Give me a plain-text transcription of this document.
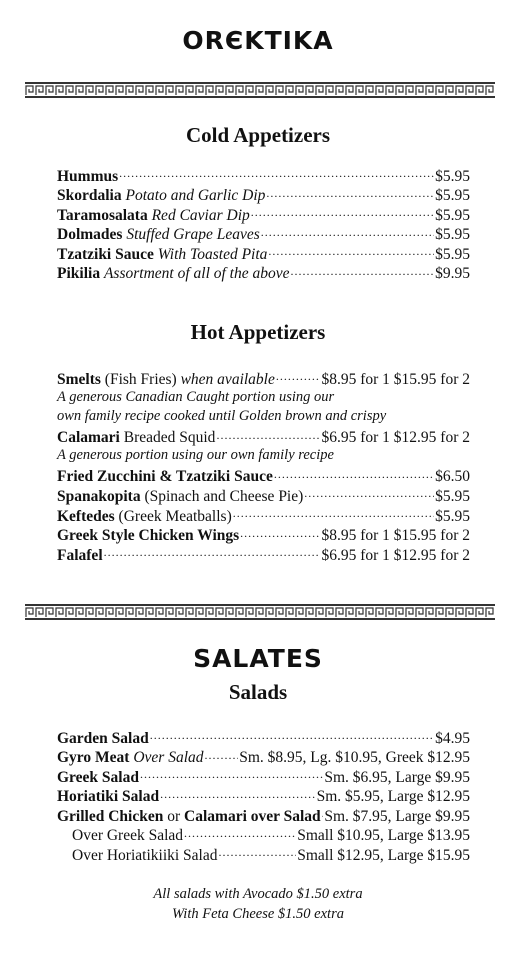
ORЄKTIKA
Cold Appetizers
Hummus .....	$5.95
Skordalia Potato and Garlic Dip .....	$5.95
Taramosalata Red Caviar Dip .....	$5.95
Dolmades Stuffed Grape Leaves .....	$5.95
Tzatziki Sauce With Toasted Pita .....	$5.95
Pikilia Assortment of all of the above .....	$9.95
Hot Appetizers
Smelts (Fish Fries) when available .....	$8.95 for 1 $15.95 for 2
A generous Canadian Caught portion using our
own family recipe cooked until Golden brown and crispy
Calamari Breaded Squid .....	$6.95 for 1 $12.95 for 2
A generous portion using our own family recipe
Fried Zucchini & Tzatziki Sauce .....	$6.50
Spanakopita (Spinach and Cheese Pie) .....	$5.95
Keftedes (Greek Meatballs) .....	$5.95
Greek Style Chicken Wings .....	$8.95 for 1 $15.95 for 2
Falafel .....	$6.95 for 1 $12.95 for 2
SALATES
Salads
Garden Salad .....	$4.95
Gyro Meat Over Salad ..... Sm. $8.95, Lg. $10.95, Greek $12.95
Greek Salad .....	Sm. $6.95, Large $9.95
Horiatiki Salad .....	Sm. $5.95, Large $12.95
Grilled Chicken or Calamari over Salad ..... Sm. $7.95, Large $9.95
Over Greek Salad .....	Small $10.95, Large $13.95
Over Horiatikiiki Salad .....	Small $12.95, Large $15.95
All salads with Avocado $1.50 extra
With Feta Cheese $1.50 extra
